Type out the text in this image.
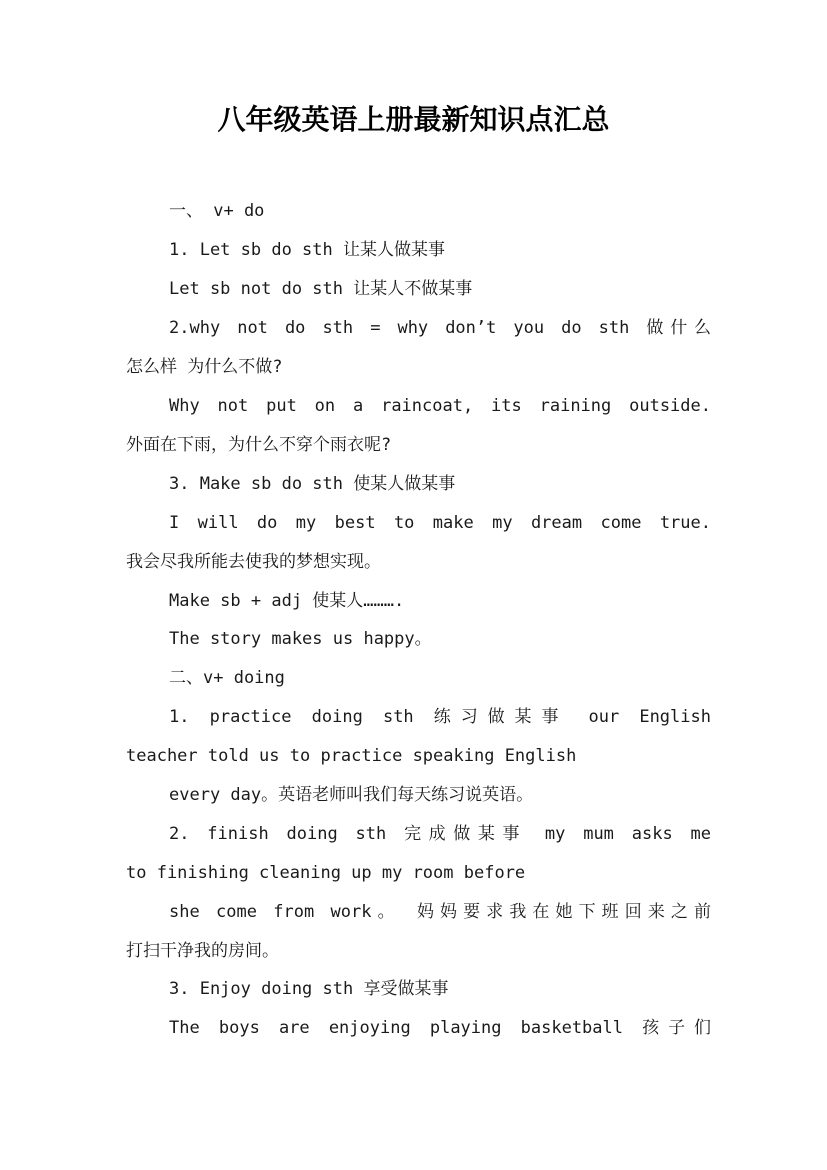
八年级英语上册最新知识点汇总
一、 v+ do
1. Let sb do sth 让某人做某事
Let sb not do sth 让某人不做某事
2.why not do sth = why don’t you do sth 做什么
怎么样 为什么不做?
Why not put on a raincoat, its raining outside.
外面在下雨，为什么不穿个雨衣呢?
3. Make sb do sth 使某人做某事
I will do my best to make my dream come true.
我会尽我所能去使我的梦想实现。
Make sb + adj 使某人……….
The story makes us happy。
二、v+ doing
1. practice doing sth 练习做某事 our English
teacher told us to practice speaking English
every day。英语老师叫我们每天练习说英语。
2. finish doing sth 完成做某事 my mum asks me
to finishing cleaning up my room before
she come from work。 妈妈要求我在她下班回来之前
打扫干净我的房间。
3. Enjoy doing sth 享受做某事
The boys are enjoying playing basketball 孩子们
